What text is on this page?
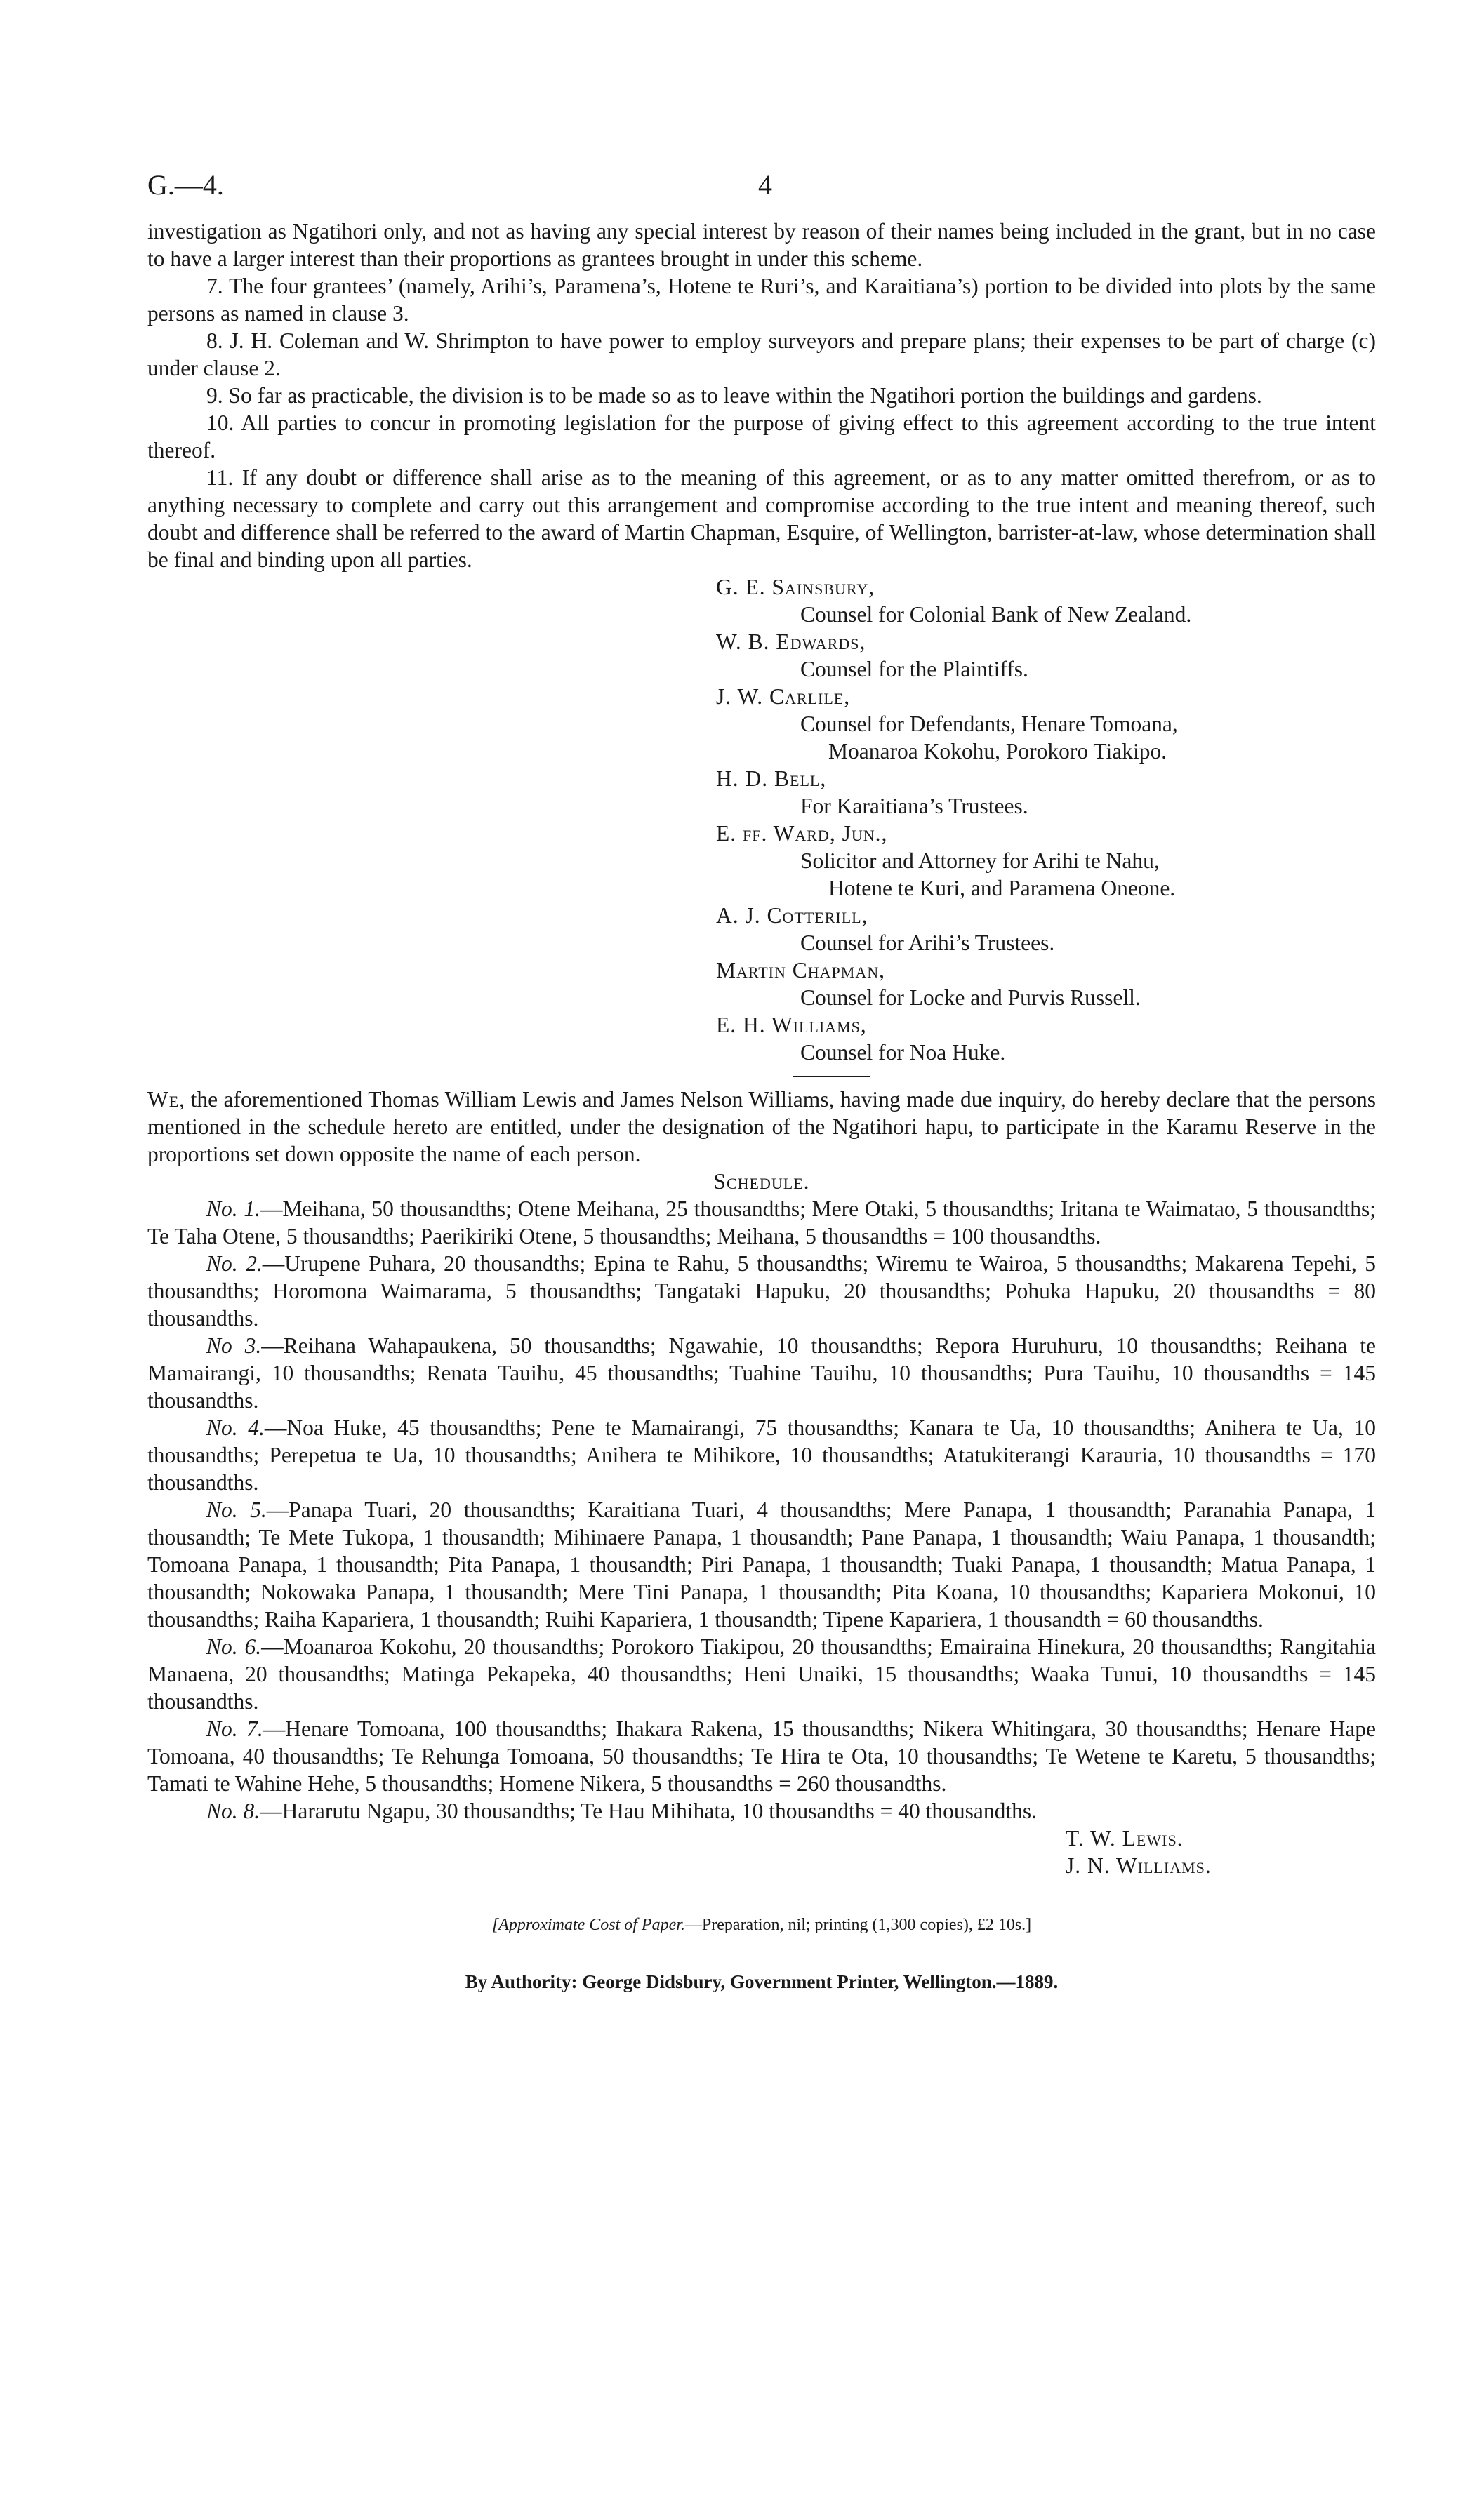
G.—4.	4

investigation as Ngatihori only, and not as having any special interest by reason of their names being included in the grant, but in no case to have a larger interest than their proportions as grantees brought in under this scheme.

7. The four grantees’ (namely, Arihi’s, Paramena’s, Hotene te Ruri’s, and Karaitiana’s) portion to be divided into plots by the same persons as named in clause 3.

8. J. H. Coleman and W. Shrimpton to have power to employ surveyors and prepare plans; their expenses to be part of charge (c) under clause 2.

9. So far as practicable, the division is to be made so as to leave within the Ngatihori portion the buildings and gardens.

10. All parties to concur in promoting legislation for the purpose of giving effect to this agreement according to the true intent thereof.

11. If any doubt or difference shall arise as to the meaning of this agreement, or as to any matter omitted therefrom, or as to anything necessary to complete and carry out this arrangement and compromise according to the true intent and meaning thereof, such doubt and difference shall be referred to the award of Martin Chapman, Esquire, of Wellington, barrister-at-law, whose determination shall be final and binding upon all parties.

G. E. Sainsbury,
Counsel for Colonial Bank of New Zealand.
W. B. Edwards,
Counsel for the Plaintiffs.
J. W. Carlile,
Counsel for Defendants, Henare Tomoana,
Moanaroa Kokohu, Porokoro Tiakipo.
H. D. Bell,
For Karaitiana’s Trustees.
E. ff. Ward, Jun.,
Solicitor and Attorney for Arihi te Nahu,
Hotene te Kuri, and Paramena Oneone.
A. J. Cotterill,
Counsel for Arihi’s Trustees.
Martin Chapman,
Counsel for Locke and Purvis Russell.
E. H. Williams,
Counsel for Noa Huke.

We, the aforementioned Thomas William Lewis and James Nelson Williams, having made due inquiry, do hereby declare that the persons mentioned in the schedule hereto are entitled, under the designation of the Ngatihori hapu, to participate in the Karamu Reserve in the proportions set down opposite the name of each person.

Schedule.

No. 1.—Meihana, 50 thousandths; Otene Meihana, 25 thousandths; Mere Otaki, 5 thousandths; Iritana te Waimatao, 5 thousandths; Te Taha Otene, 5 thousandths; Paerikiriki Otene, 5 thousandths; Meihana, 5 thousandths = 100 thousandths.

No. 2.—Urupene Puhara, 20 thousandths; Epina te Rahu, 5 thousandths; Wiremu te Wairoa, 5 thousandths; Makarena Tepehi, 5 thousandths; Horomona Waimarama, 5 thousandths; Tangataki Hapuku, 20 thousandths; Pohuka Hapuku, 20 thousandths = 80 thousandths.

No 3.—Reihana Wahapaukena, 50 thousandths; Ngawahie, 10 thousandths; Repora Huruhuru, 10 thousandths; Reihana te Mamairangi, 10 thousandths; Renata Tauihu, 45 thousandths; Tuahine Tauihu, 10 thousandths; Pura Tauihu, 10 thousandths = 145 thousandths.

No. 4.—Noa Huke, 45 thousandths; Pene te Mamairangi, 75 thousandths; Kanara te Ua, 10 thousandths; Anihera te Ua, 10 thousandths; Perepetua te Ua, 10 thousandths; Anihera te Mihikore, 10 thousandths; Atatukiterangi Karauria, 10 thousandths = 170 thousandths.

No. 5.—Panapa Tuari, 20 thousandths; Karaitiana Tuari, 4 thousandths; Mere Panapa, 1 thousandth; Paranahia Panapa, 1 thousandth; Te Mete Tukopa, 1 thousandth; Mihinaere Panapa, 1 thousandth; Pane Panapa, 1 thousandth; Waiu Panapa, 1 thousandth; Tomoana Panapa, 1 thousandth; Pita Panapa, 1 thousandth; Piri Panapa, 1 thousandth; Tuaki Panapa, 1 thousandth; Matua Panapa, 1 thousandth; Nokowaka Panapa, 1 thousandth; Mere Tini Panapa, 1 thousandth; Pita Koana, 10 thousandths; Kapariera Mokonui, 10 thousandths; Raiha Kapariera, 1 thousandth; Ruihi Kapariera, 1 thousandth; Tipene Kapariera, 1 thousandth = 60 thousandths.

No. 6.—Moanaroa Kokohu, 20 thousandths; Porokoro Tiakipou, 20 thousandths; Emairaina Hinekura, 20 thousandths; Rangitahia Manaena, 20 thousandths; Matinga Pekapeka, 40 thousandths; Heni Unaiki, 15 thousandths; Waaka Tunui, 10 thousandths = 145 thousandths.

No. 7.—Henare Tomoana, 100 thousandths; Ihakara Rakena, 15 thousandths; Nikera Whitingara, 30 thousandths; Henare Hape Tomoana, 40 thousandths; Te Rehunga Tomoana, 50 thousandths; Te Hira te Ota, 10 thousandths; Te Wetene te Karetu, 5 thousandths; Tamati te Wahine Hehe, 5 thousandths; Homene Nikera, 5 thousandths = 260 thousandths.

No. 8.—Hararutu Ngapu, 30 thousandths; Te Hau Mihihata, 10 thousandths = 40 thousandths.

T. W. Lewis.
J. N. Williams.
[Approximate Cost of Paper.—Preparation, nil; printing (1,300 copies), £2 10s.]
By Authority: George Didsbury, Government Printer, Wellington.—1889.
